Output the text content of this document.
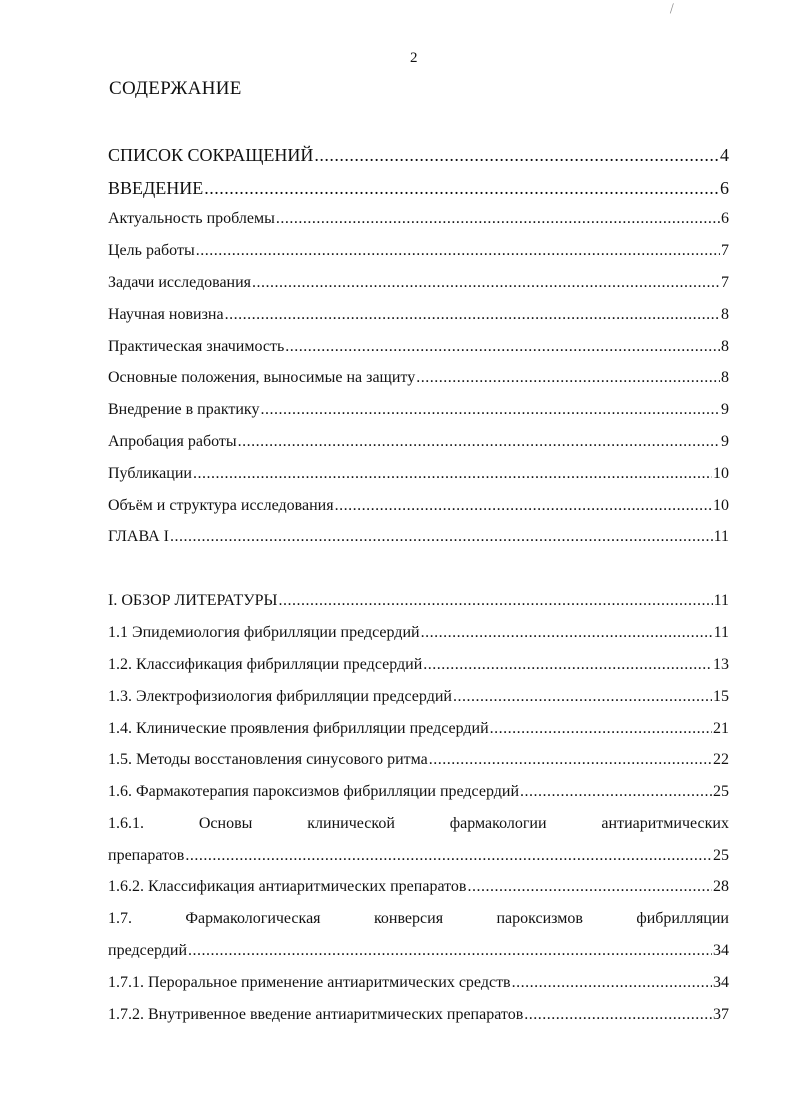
/
2
СОДЕРЖАНИЕ
СПИСОК СОКРАЩЕНИЙ .....	4
ВВЕДЕНИЕ .....	6
Актуальность проблемы .....	6
Цель работы .....	7
Задачи исследования .....	7
Научная новизна .....	8
Практическая значимость .....	8
Основные положения, выносимые на защиту .....	8
Внедрение в практику .....	9
Апробация работы .....	9
Публикации .....	10
Объём и структура исследования .....	10
ГЛАВА I .....	11
I. ОБЗОР ЛИТЕРАТУРЫ .....	11
1.1 Эпидемиология фибрилляции предсердий .....	11
1.2. Классификация фибрилляции предсердий .....	13
1.3. Электрофизиология фибрилляции предсердий .....	15
1.4. Клинические проявления фибрилляции предсердий .....	21
1.5. Методы восстановления синусового ритма .....	22
1.6. Фармакотерапия пароксизмов фибрилляции предсердий .....	25
1.6.1.	Основы	клинической	фармакологии	антиаритмических
препаратов .....	25
1.6.2. Классификация антиаритмических препаратов .....	28
1.7.	Фармакологическая	конверсия	пароксизмов	фибрилляции
предсердий .....	34
1.7.1. Пероральное применение антиаритмических средств .....	34
1.7.2. Внутривенное введение антиаритмических препаратов .....	37
